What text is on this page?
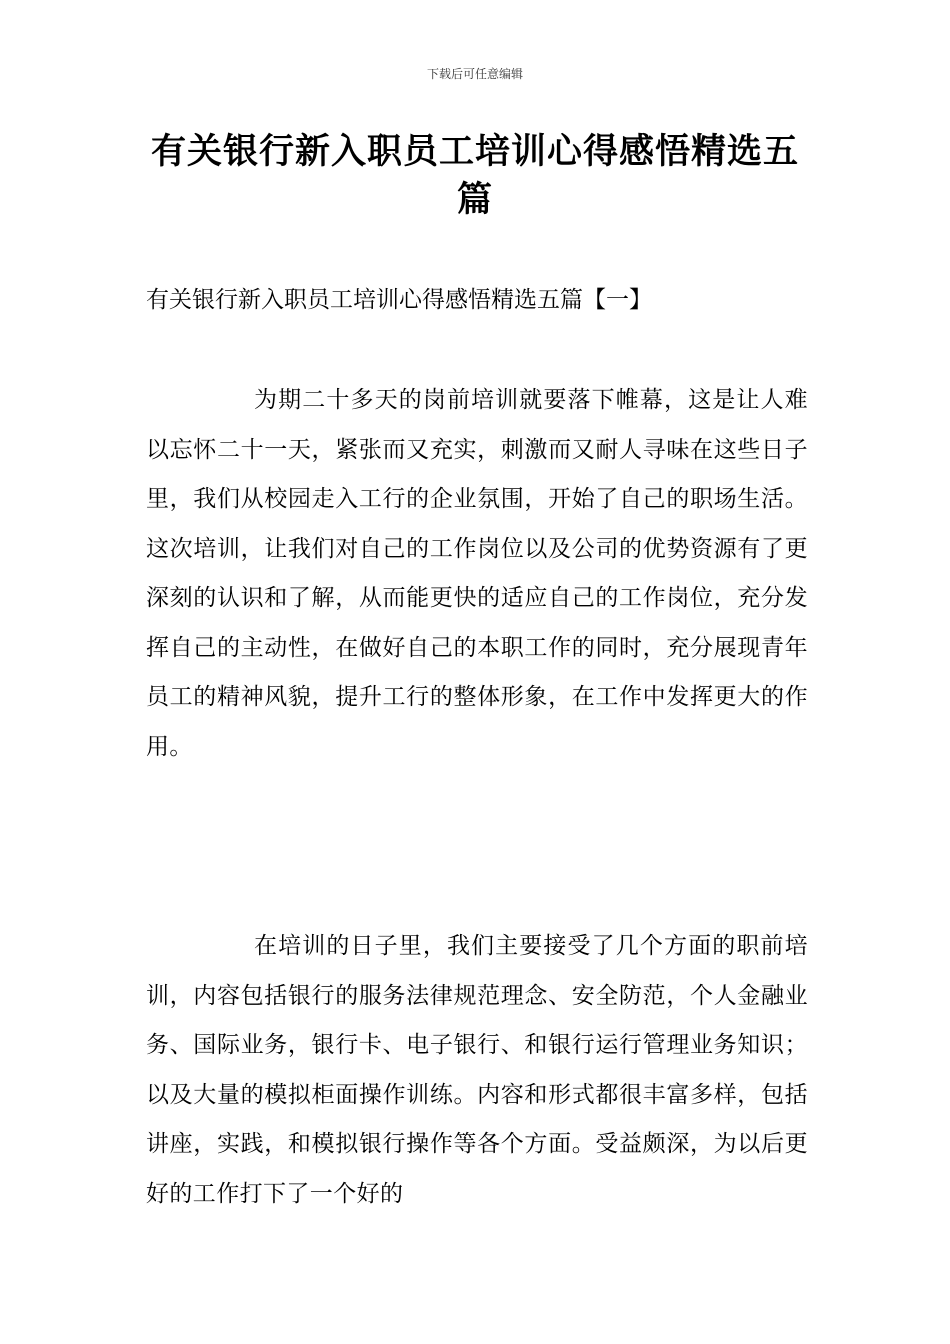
下载后可任意编辑
有关银行新入职员工培训心得感悟精选五篇
有关银行新入职员工培训心得感悟精选五篇【一】

为期二十多天的岗前培训就要落下帷幕，这是让人难以忘怀二十一天，紧张而又充实，刺激而又耐人寻味在这些日子里，我们从校园走入工行的企业氛围，开始了自己的职场生活。这次培训，让我们对自己的工作岗位以及公司的优势资源有了更深刻的认识和了解，从而能更快的适应自己的工作岗位，充分发挥自己的主动性，在做好自己的本职工作的同时，充分展现青年员工的精神风貌，提升工行的整体形象，在工作中发挥更大的作用。

在培训的日子里，我们主要接受了几个方面的职前培训，内容包括银行的服务法律规范理念、安全防范，个人金融业务、国际业务，银行卡、电子银行、和银行运行管理业务知识；以及大量的模拟柜面操作训练。内容和形式都很丰富多样，包括讲座，实践，和模拟银行操作等各个方面。受益颇深，为以后更好的工作打下了一个好的
